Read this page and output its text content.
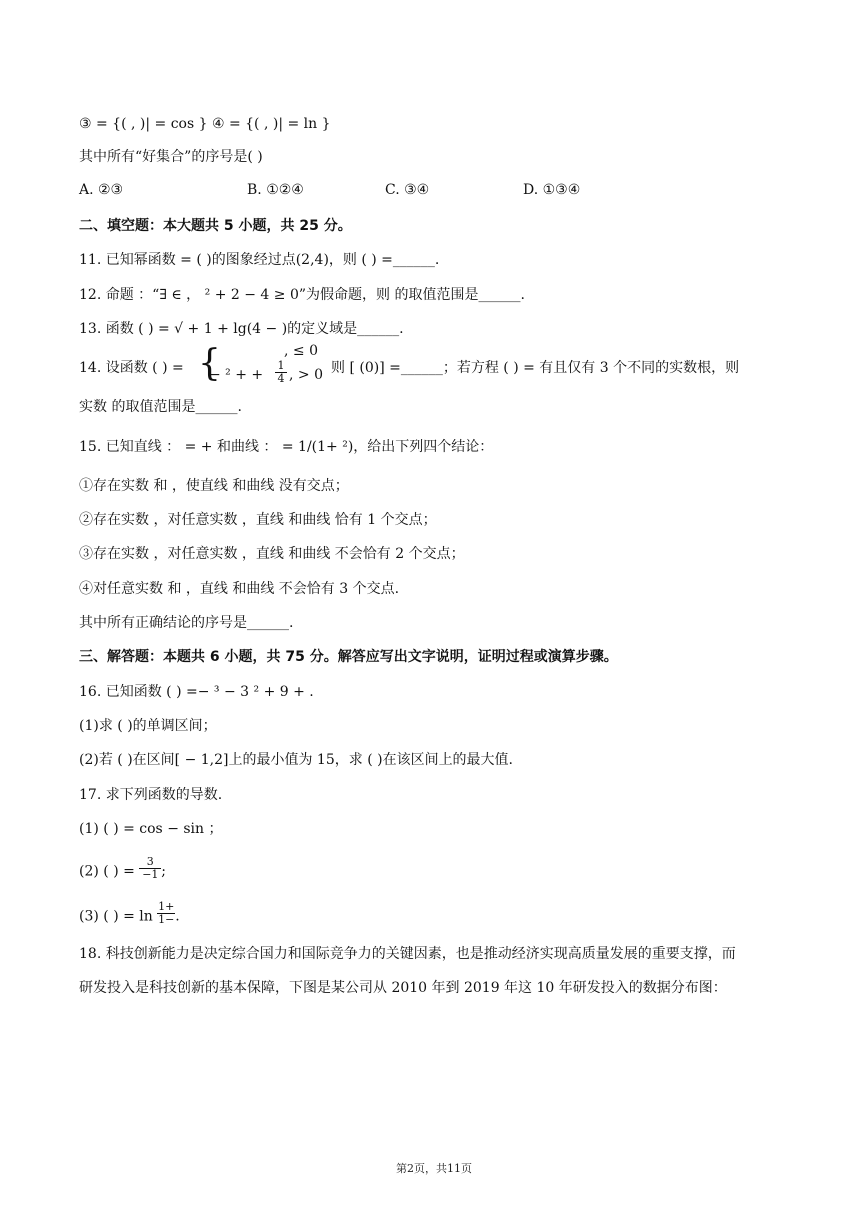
③ = {( , )| = cos } ④ = {( , )| = ln }
其中所有“好集合”的序号是( )
A. ②③	B. ①②④	C. ③④	D. ①③④
二、填空题：本大题共 5 小题，共 25 分。
11. 已知幂函数 = ( )的图象经过点(2,4)，则 ( ) =______.
12. 命题 ：“∃ ∈ ， ² + 2 − 4 ≥ 0”为假命题，则 的取值范围是______.
13. 函数 ( ) = √ + 1 + lg(4 − )的定义域是______.
14. 设函数 ( ) = {	, ≤ 0
− ² + + $\frac{1}{4}$ , > 0 则 [ (0)] =______；若方程 ( ) = 有且仅有 3 个不同的实数根，则
实数 的取值范围是______.
15. 已知直线 ： = + 和曲线 ： = 1/(1+ ²)，给出下列四个结论：
①存在实数 和 ，使直线 和曲线 没有交点；
②存在实数 ，对任意实数 ，直线 和曲线 恰有 1 个交点；
③存在实数 ，对任意实数 ，直线 和曲线 不会恰有 2 个交点；
④对任意实数 和 ，直线 和曲线 不会恰有 3 个交点.
其中所有正确结论的序号是______.
三、解答题：本题共 6 小题，共 75 分。解答应写出文字说明，证明过程或演算步骤。
16. 已知函数 ( ) =− ³ − 3 ² + 9 + .
(1)求 ( )的单调区间；
(2)若 ( )在区间[ − 1,2]上的最小值为 15，求 ( )在该区间上的最大值.
17. 求下列函数的导数.
(1) ( ) = cos − sin ；
(2) ( ) = $\frac{3}{-1}$ ;
(3) ( ) = $\ln \frac{1+}{1-}$ .
18. 科技创新能力是决定综合国力和国际竞争力的关键因素，也是推动经济实现高质量发展的重要支撑，而
研发投入是科技创新的基本保障，下图是某公司从 2010 年到 2019 年这 10 年研发投入的数据分布图：
第2页，共11页
